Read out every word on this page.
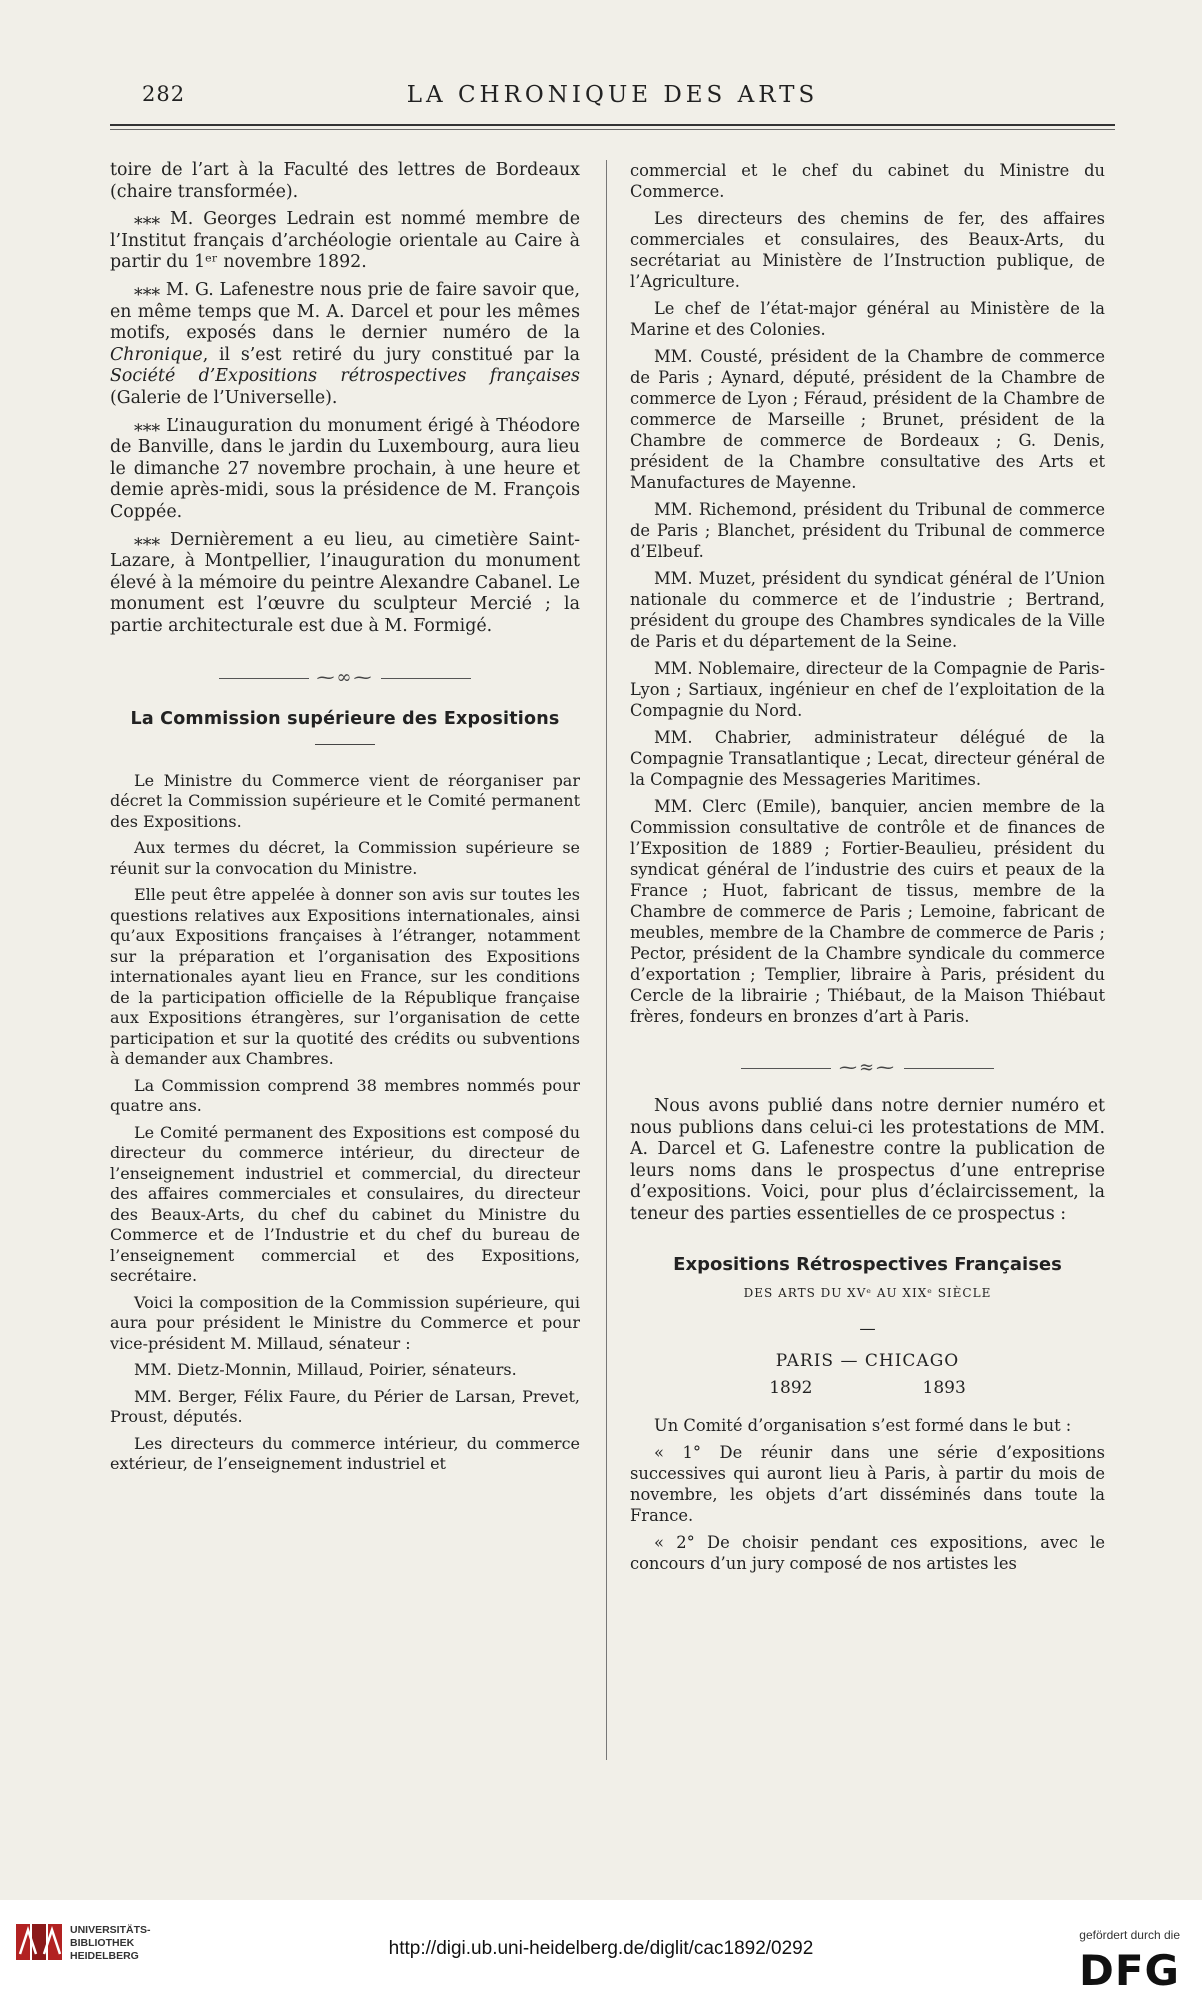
282	LA CHRONIQUE DES ARTS

toire de l’art à la Faculté des lettres de Bordeaux (chaire transformée).

⁎⁎⁎ M. Georges Ledrain est nommé membre de l’Institut français d’archéologie orientale au Caire à partir du 1ᵉʳ novembre 1892.

⁎⁎⁎ M. G. Lafenestre nous prie de faire savoir que, en même temps que M. A. Darcel et pour les mêmes motifs, exposés dans le dernier numéro de la Chronique, il s’est retiré du jury constitué par la Société d’Expositions rétrospectives françaises (Galerie de l’Universelle).

⁎⁎⁎ L’inauguration du monument érigé à Théodore de Banville, dans le jardin du Luxembourg, aura lieu le dimanche 27 novembre prochain, à une heure et demie après-midi, sous la présidence de M. François Coppée.

⁎⁎⁎ Dernièrement a eu lieu, au cimetière Saint-Lazare, à Montpellier, l’inauguration du monument élevé à la mémoire du peintre Alexandre Cabanel. Le monument est l’œuvre du sculpteur Mercié ; la partie architecturale est due à M. Formigé.

⁓∞⁓
La Commission supérieure des Expositions

Le Ministre du Commerce vient de réorganiser par décret la Commission supérieure et le Comité permanent des Expositions.

Aux termes du décret, la Commission supérieure se réunit sur la convocation du Ministre.

Elle peut être appelée à donner son avis sur toutes les questions relatives aux Expositions internationales, ainsi qu’aux Expositions françaises à l’étranger, notamment sur la préparation et l’organisation des Expositions internationales ayant lieu en France, sur les conditions de la participation officielle de la République française aux Expositions étrangères, sur l’organisation de cette participation et sur la quotité des crédits ou subventions à demander aux Chambres.

La Commission comprend 38 membres nommés pour quatre ans.

Le Comité permanent des Expositions est composé du directeur du commerce intérieur, du directeur de l’enseignement industriel et commercial, du directeur des affaires commerciales et consulaires, du directeur des Beaux-Arts, du chef du cabinet du Ministre du Commerce et de l’Industrie et du chef du bureau de l’enseignement commercial et des Expositions, secrétaire.

Voici la composition de la Commission supérieure, qui aura pour président le Ministre du Commerce et pour vice-président M. Millaud, sénateur :

MM. Dietz-Monnin, Millaud, Poirier, sénateurs.

MM. Berger, Félix Faure, du Périer de Larsan, Prevet, Proust, députés.

Les directeurs du commerce intérieur, du commerce extérieur, de l’enseignement industriel et

commercial et le chef du cabinet du Ministre du Commerce.

Les directeurs des chemins de fer, des affaires commerciales et consulaires, des Beaux-Arts, du secrétariat au Ministère de l’Instruction publique, de l’Agriculture.

Le chef de l’état-major général au Ministère de la Marine et des Colonies.

MM. Cousté, président de la Chambre de commerce de Paris ; Aynard, député, président de la Chambre de commerce de Lyon ; Féraud, président de la Chambre de commerce de Marseille ; Brunet, président de la Chambre de commerce de Bordeaux ; G. Denis, président de la Chambre consultative des Arts et Manufactures de Mayenne.

MM. Richemond, président du Tribunal de commerce de Paris ; Blanchet, président du Tribunal de commerce d’Elbeuf.

MM. Muzet, président du syndicat général de l’Union nationale du commerce et de l’industrie ; Bertrand, président du groupe des Chambres syndicales de la Ville de Paris et du département de la Seine.

MM. Noblemaire, directeur de la Compagnie de Paris-Lyon ; Sartiaux, ingénieur en chef de l’exploitation de la Compagnie du Nord.

MM. Chabrier, administrateur délégué de la Compagnie Transatlantique ; Lecat, directeur général de la Compagnie des Messageries Maritimes.

MM. Clerc (Emile), banquier, ancien membre de la Commission consultative de contrôle et de finances de l’Exposition de 1889 ; Fortier-Beaulieu, président du syndicat général de l’industrie des cuirs et peaux de la France ; Huot, fabricant de tissus, membre de la Chambre de commerce de Paris ; Lemoine, fabricant de meubles, membre de la Chambre de commerce de Paris ; Pector, président de la Chambre syndicale du commerce d’exportation ; Templier, libraire à Paris, président du Cercle de la librairie ; Thiébaut, de la Maison Thiébaut frères, fondeurs en bronzes d’art à Paris.

⁓≈⁓

Nous avons publié dans notre dernier numéro et nous publions dans celui-ci les protestations de MM. A. Darcel et G. Lafenestre contre la publication de leurs noms dans le prospectus d’une entreprise d’expositions. Voici, pour plus d’éclaircissement, la teneur des parties essentielles de ce prospectus :

Expositions Rétrospectives Françaises
DES ARTS DU XVᵉ AU XIXᵉ SIÈCLE
—
PARIS — CHICAGO
1892	1893

Un Comité d’organisation s’est formé dans le but :

« 1° De réunir dans une série d’expositions successives qui auront lieu à Paris, à partir du mois de novembre, les objets d’art disséminés dans toute la France.

« 2° De choisir pendant ces expositions, avec le concours d’un jury composé de nos artistes les

UNIVERSITÄTS-
BIBLIOTHEK
HEIDELBERG	http://digi.ub.uni-heidelberg.de/diglit/cac1892/0292
gefördert durch die
DFG
